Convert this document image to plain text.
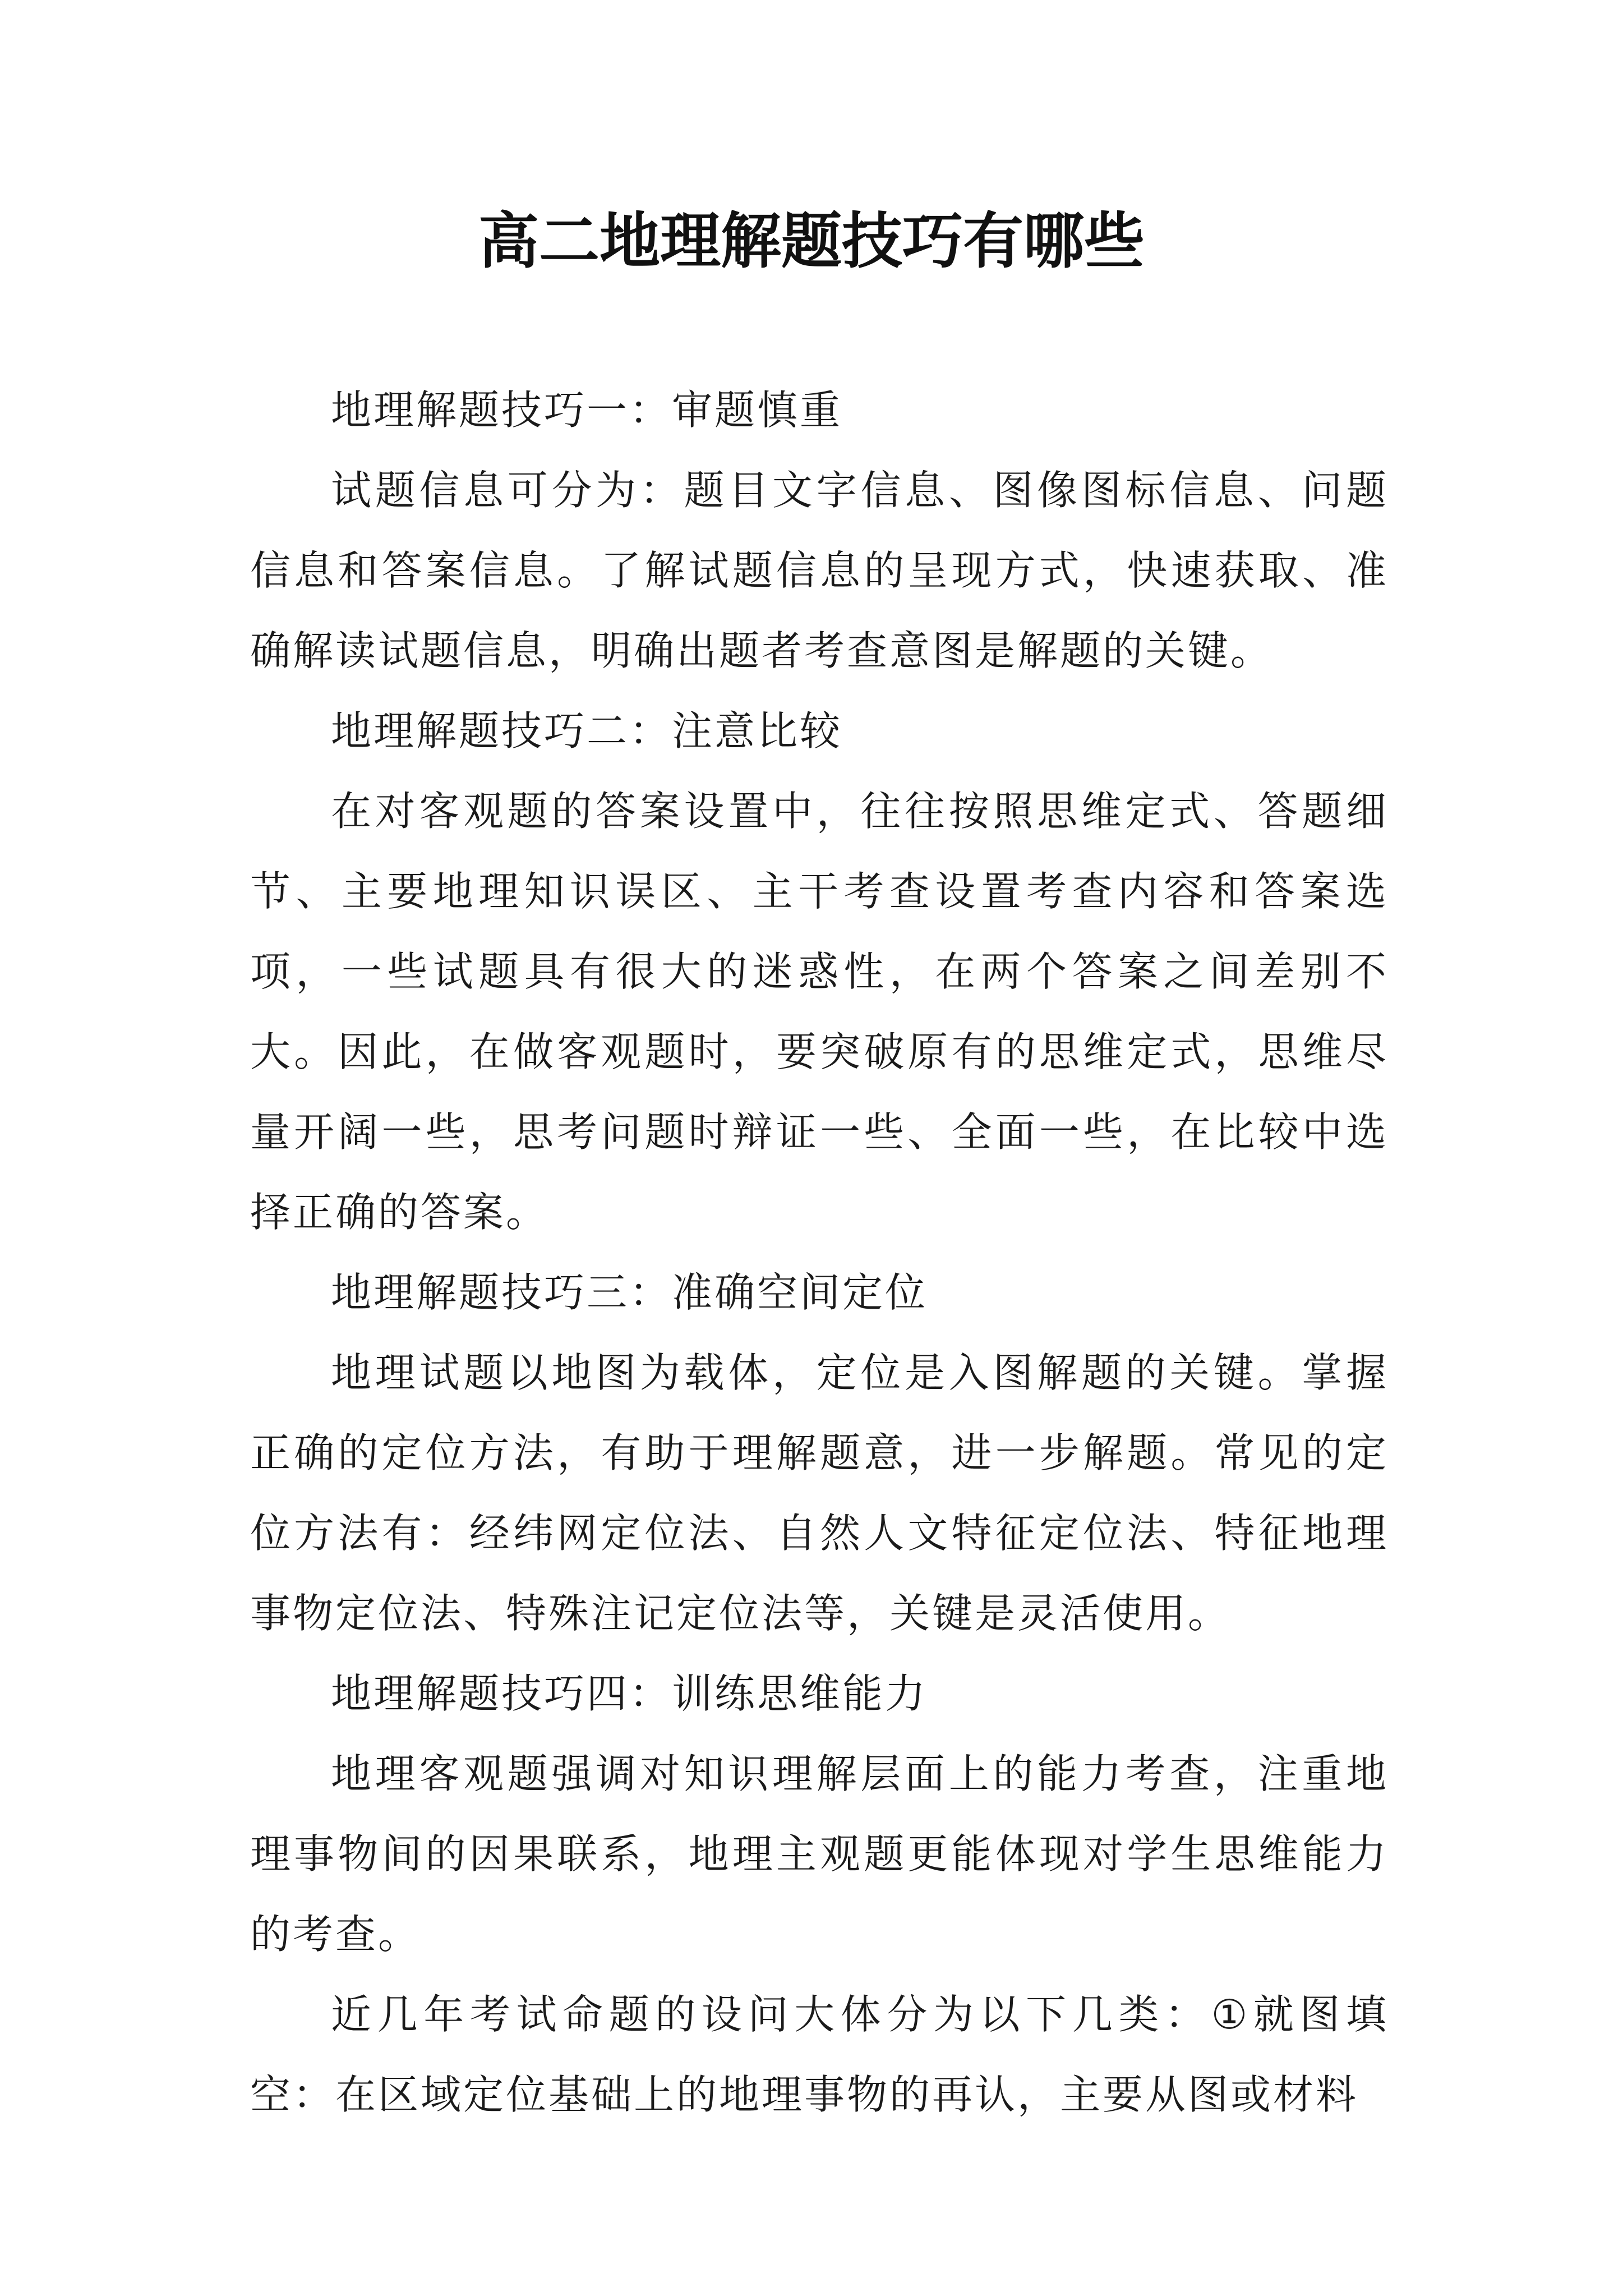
高二地理解题技巧有哪些

地理解题技巧一：审题慎重

试题信息可分为：题目文字信息、图像图标信息、问题信息和答案信息。了解试题信息的呈现方式，快速获取、准确解读试题信息，明确出题者考查意图是解题的关键。

地理解题技巧二：注意比较

在对客观题的答案设置中，往往按照思维定式、答题细节、主要地理知识误区、主干考查设置考查内容和答案选项，一些试题具有很大的迷惑性，在两个答案之间差别不大。因此，在做客观题时，要突破原有的思维定式，思维尽量开阔一些，思考问题时辩证一些、全面一些，在比较中选择正确的答案。

地理解题技巧三：准确空间定位

地理试题以地图为载体，定位是入图解题的关键。掌握正确的定位方法，有助于理解题意，进一步解题。常见的定位方法有：经纬网定位法、自然人文特征定位法、特征地理事物定位法、特殊注记定位法等，关键是灵活使用。

地理解题技巧四：训练思维能力

地理客观题强调对知识理解层面上的能力考查，注重地理事物间的因果联系，地理主观题更能体现对学生思维能力的考查。

近几年考试命题的设问大体分为以下几类：①就图填空：在区域定位基础上的地理事物的再认，主要从图或材料
